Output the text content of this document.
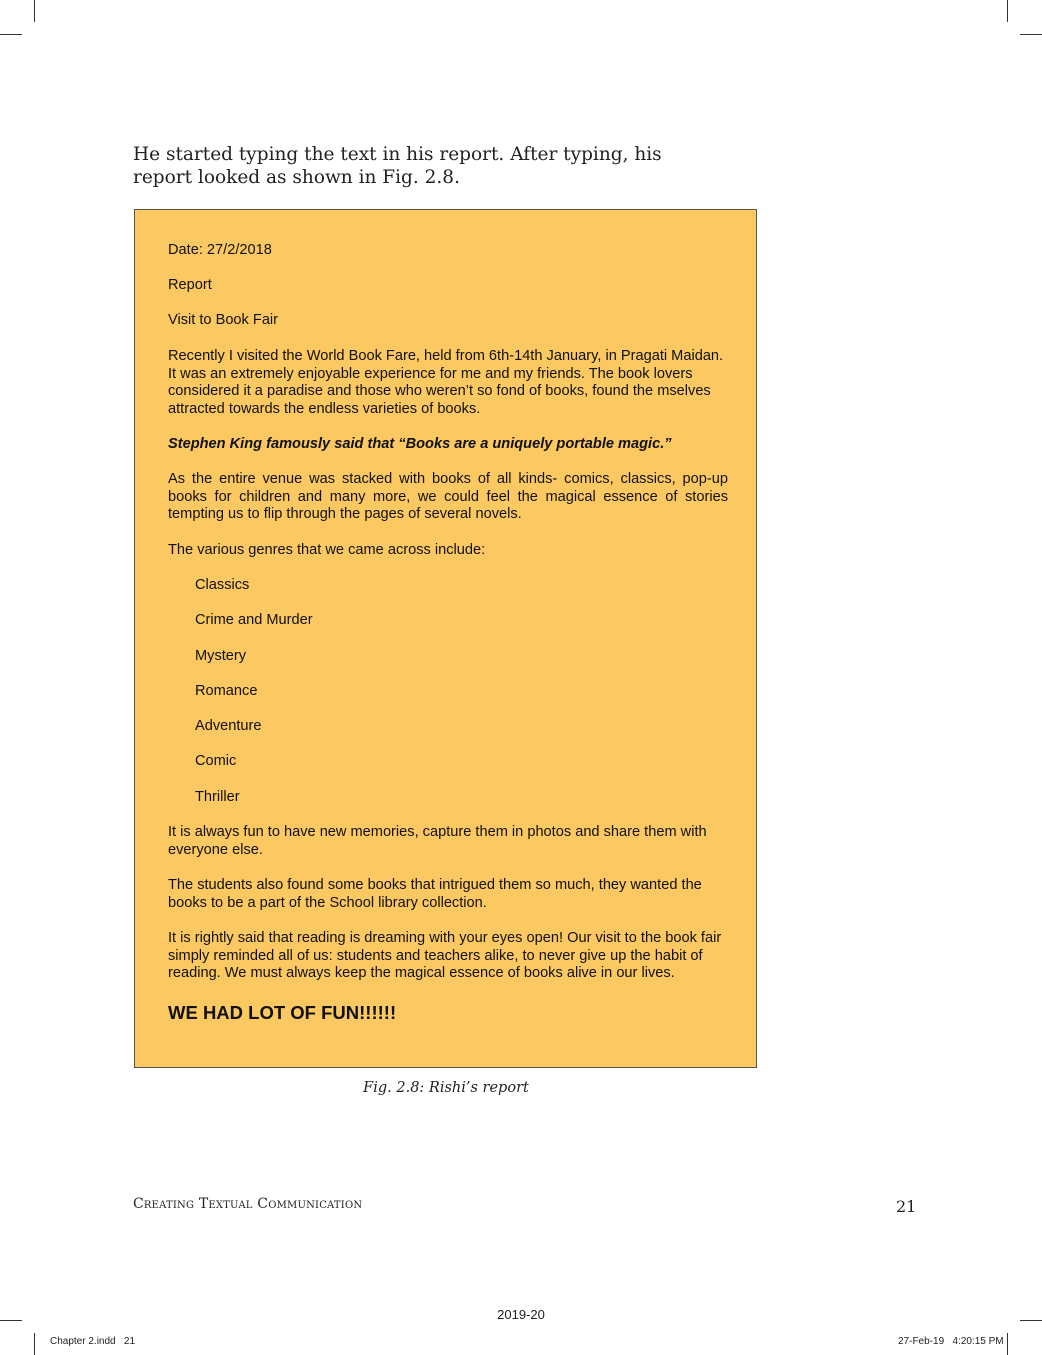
He started typing the text in his report. After typing, his
report looked as shown in Fig. 2.8.

Date: 27/2/2018

Report

Visit to Book Fair

Recently I visited the World Book Fare, held from 6th-14th January, in Pragati Maidan. It was an extremely enjoyable experience for me and my friends. The book lovers considered it a paradise and those who weren’t so fond of books, found the mselves attracted towards the endless varieties of books.

Stephen King famously said that “Books are a uniquely portable magic.”

As the entire venue was stacked with books of all kinds- comics, classics, pop-up books for children and many more, we could feel the magical essence of stories tempting us to flip through the pages of several novels.

The various genres that we came across include:

Classics

Crime and Murder

Mystery

Romance

Adventure

Comic

Thriller

It is always fun to have new memories, capture them in photos and share them with everyone else.

The students also found some books that intrigued them so much, they wanted the books to be a part of the School library collection.

It is rightly said that reading is dreaming with your eyes open! Our visit to the book fair simply reminded all of us: students and teachers alike, to never give up the habit of reading. We must always keep the magical essence of books alive in our lives.

WE HAD LOT OF FUN!!!!!!

Fig. 2.8: Rishi’s report
Creating Textual Communication	21
2019-20
Chapter 2.indd   21	27-Feb-19   4:20:15 PM
